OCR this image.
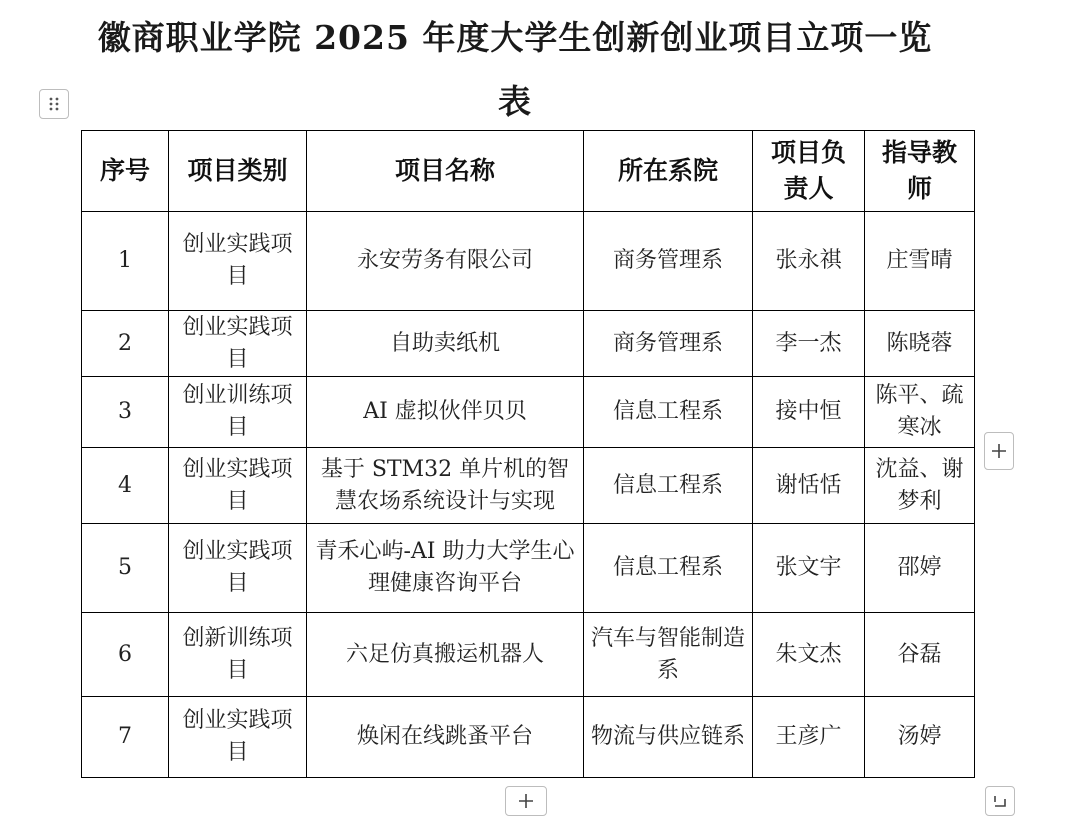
徽商职业学院 2025 年度大学生创新创业项目立项一览表
序号	项目类别	项目名称	所在系院	项目负责人	指导教师
1	创业实践项目	永安劳务有限公司	商务管理系	张永祺	庄雪晴
2	创业实践项目	自助卖纸机	商务管理系	李一杰	陈晓蓉
3	创业训练项目	AI 虚拟伙伴贝贝	信息工程系	接中恒	陈平、疏寒冰
4	创业实践项目	基于 STM32 单片机的智慧农场系统设计与实现	信息工程系	谢恬恬	沈益、谢梦利
5	创业实践项目	青禾心屿-AI 助力大学生心理健康咨询平台	信息工程系	张文宇	邵婷
6	创新训练项目	六足仿真搬运机器人	汽车与智能制造系	朱文杰	谷磊
7	创业实践项目	焕闲在线跳蚤平台	物流与供应链系	王彦广	汤婷
